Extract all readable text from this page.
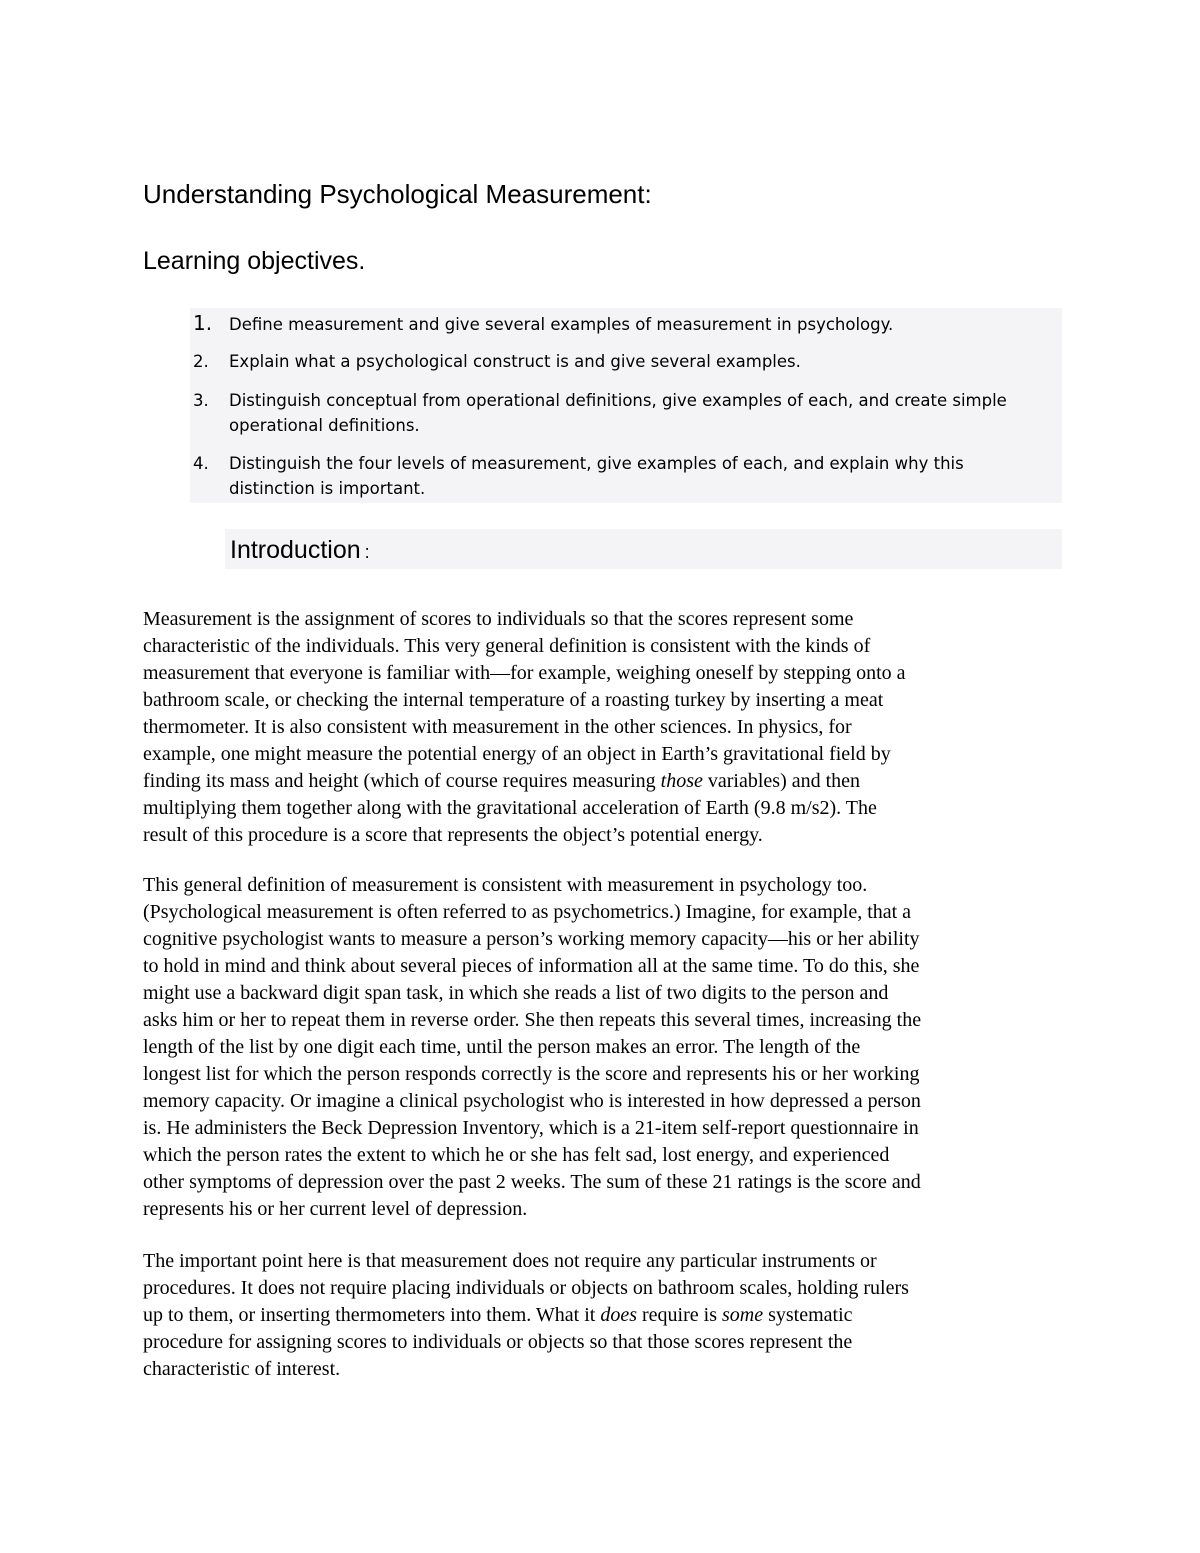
Understanding Psychological Measurement:
Learning objectives.
1. Define measurement and give several examples of measurement in psychology.
2. Explain what a psychological construct is and give several examples.
3. Distinguish conceptual from operational definitions, give examples of each, and create simple operational definitions.
4. Distinguish the four levels of measurement, give examples of each, and explain why this distinction is important.
Introduction :
Measurement is the assignment of scores to individuals so that the scores represent some
characteristic of the individuals. This very general definition is consistent with the kinds of
measurement that everyone is familiar with—for example, weighing oneself by stepping onto a
bathroom scale, or checking the internal temperature of a roasting turkey by inserting a meat
thermometer. It is also consistent with measurement in the other sciences. In physics, for
example, one might measure the potential energy of an object in Earth’s gravitational field by
finding its mass and height (which of course requires measuring those variables) and then
multiplying them together along with the gravitational acceleration of Earth (9.8 m/s2). The
result of this procedure is a score that represents the object’s potential energy.
This general definition of measurement is consistent with measurement in psychology too.
(Psychological measurement is often referred to as psychometrics.) Imagine, for example, that a
cognitive psychologist wants to measure a person’s working memory capacity—his or her ability
to hold in mind and think about several pieces of information all at the same time. To do this, she
might use a backward digit span task, in which she reads a list of two digits to the person and
asks him or her to repeat them in reverse order. She then repeats this several times, increasing the
length of the list by one digit each time, until the person makes an error. The length of the
longest list for which the person responds correctly is the score and represents his or her working
memory capacity. Or imagine a clinical psychologist who is interested in how depressed a person
is. He administers the Beck Depression Inventory, which is a 21-item self-report questionnaire in
which the person rates the extent to which he or she has felt sad, lost energy, and experienced
other symptoms of depression over the past 2 weeks. The sum of these 21 ratings is the score and
represents his or her current level of depression.
The important point here is that measurement does not require any particular instruments or
procedures. It does not require placing individuals or objects on bathroom scales, holding rulers
up to them, or inserting thermometers into them. What it does require is some systematic
procedure for assigning scores to individuals or objects so that those scores represent the
characteristic of interest.
